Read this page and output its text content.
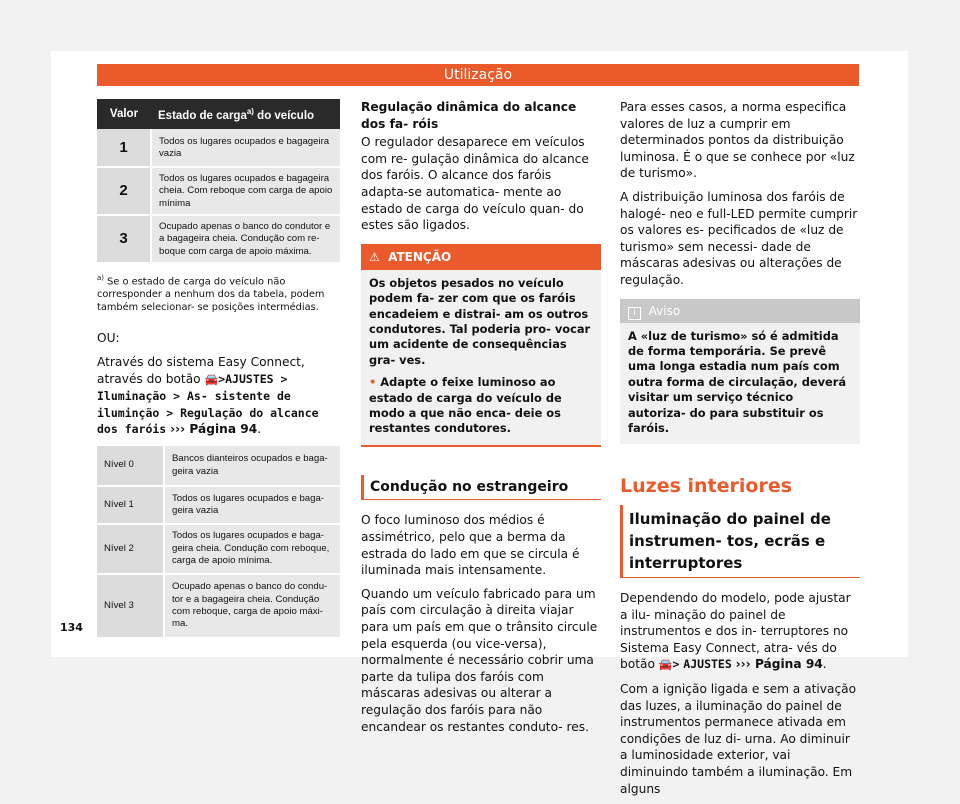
Utilização
Valor	Estado de carga$^{a)}$ do veículo
1	Todos os lugares ocupados e bagageira vazia
2	Todos os lugares ocupados e bagageira cheia. Com reboque com carga de apoio mínima
3	Ocupado apenas o banco do condutor e a bagageira cheia. Condução com re- boque com carga de apoio máxima.
$^{a)}$ Se o estado de carga do veículo não corresponder a nenhum dos da tabela, podem também selecionar- se posições intermédias.

OU:

Através do sistema Easy Connect, através do botão 🚘>AJUSTES > Iluminação > As- sistente de iluminção > Regulação do alcance dos faróis ››› Página 94.

Nível 0	Bancos dianteiros ocupados e baga- geira vazia
Nível 1	Todos os lugares ocupados e baga- geira vazia
Nível 2	Todos os lugares ocupados e baga- geira cheia. Condução com reboque, carga de apoio mínima.
Nível 3	Ocupado apenas o banco do condu- tor e a bagageira cheia. Condução com reboque, carga de apoio máxi- ma.

Regulação dinâmica do alcance dos fa- róis

O regulador desaparece em veículos com re- gulação dinâmica do alcance dos faróis. O alcance dos faróis adapta-se automatica- mente ao estado de carga do veículo quan- do estes são ligados.

⚠ ATENÇÃO

Os objetos pesados no veículo podem fa- zer com que os faróis encadeiem e distrai- am os outros condutores. Tal poderia pro- vocar um acidente de consequências gra- ves.

• Adapte o feixe luminoso ao estado de carga do veículo de modo a que não enca- deie os restantes condutores.

Condução no estrangeiro

O foco luminoso dos médios é assimétrico, pelo que a berma da estrada do lado em que se circula é iluminada mais intensamente.

Quando um veículo fabricado para um país com circulação à direita viajar para um país em que o trânsito circule pela esquerda (ou vice-versa), normalmente é necessário cobrir uma parte da tulipa dos faróis com máscaras adesivas ou alterar a regulação dos faróis para não encandear os restantes conduto- res.

Para esses casos, a norma especifica valores de luz a cumprir em determinados pontos da distribuição luminosa. É o que se conhece por «luz de turismo».

A distribuição luminosa dos faróis de halogé- neo e full-LED permite cumprir os valores es- pecificados de «luz de turismo» sem necessi- dade de máscaras adesivas ou alterações de regulação.

i Aviso
A «luz de turismo» só é admitida de forma temporária. Se prevê uma longa estadia num país com outra forma de circulação, deverá visitar um serviço técnico autoriza- do para substituir os faróis.
Luzes interiores
Iluminação do painel de instrumen- tos, ecrãs e interruptores

Dependendo do modelo, pode ajustar a ilu- minação do painel de instrumentos e dos in- terruptores no Sistema Easy Connect, atra- vés do botão 🚘> AJUSTES ››› Página 94.

Com a ignição ligada e sem a ativação das luzes, a iluminação do painel de instrumentos permanece ativada em condições de luz di- urna. Ao diminuir a luminosidade exterior, vai diminuindo também a iluminação. Em alguns

134
